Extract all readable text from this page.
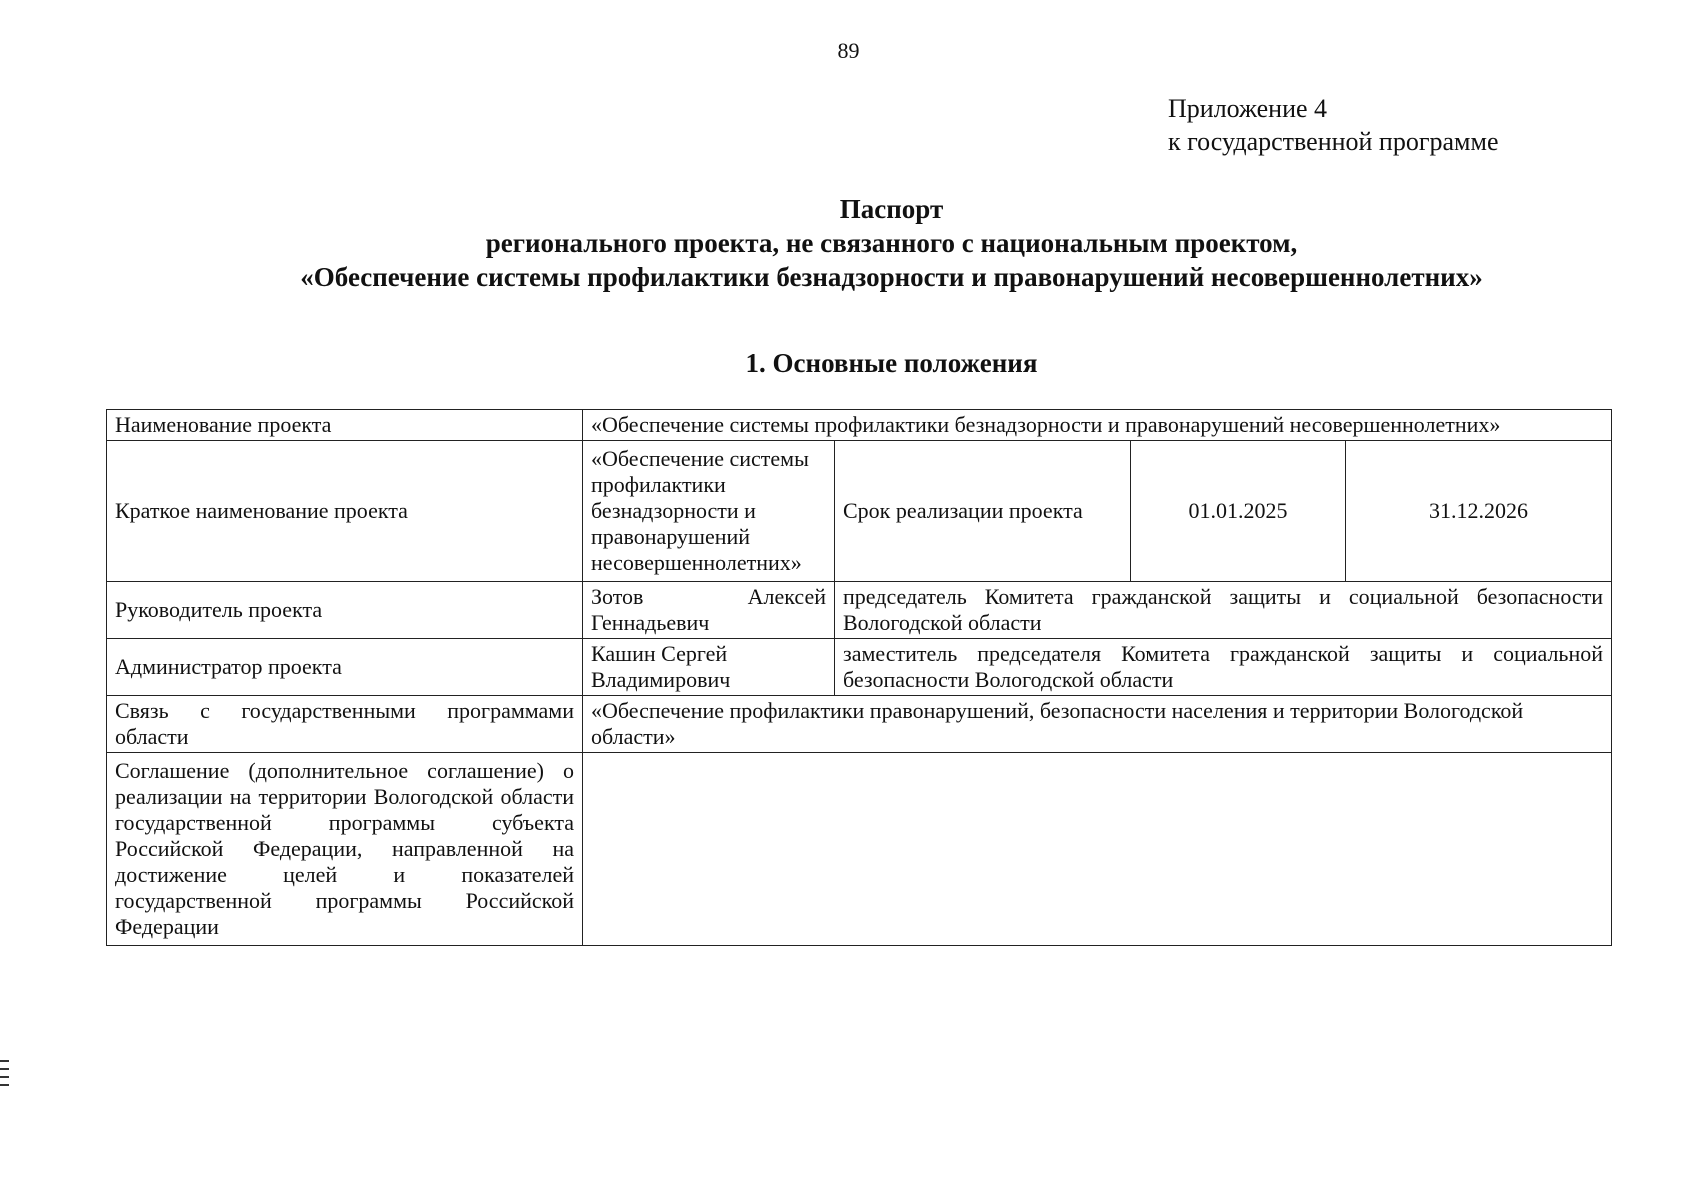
89
Приложение 4
к государственной программе
Паспорт
регионального проекта, не связанного с национальным проектом,
«Обеспечение системы профилактики безнадзорности и правонарушений несовершеннолетних»
1. Основные положения
Наименование проекта	«Обеспечение системы профилактики безнадзорности и правонарушений несовершеннолетних»			
Краткое наименование проекта	«Обеспечение системы профилактики безнадзорности и правонарушений несовершеннолетних»	Срок реализации проекта	01.01.2025	31.12.2026
Руководитель проекта	Зотов Алексей Геннадьевич	председатель Комитета гражданской защиты и социальной безопасности Вологодской области		
Администратор проекта	Кашин Сергей Владимирович	заместитель председателя Комитета гражданской защиты и социальной безопасности Вологодской области		
Связь с государственными программами области	«Обеспечение профилактики правонарушений, безопасности населения и территории Вологодской области»			
Соглашение (дополнительное соглашение) о реализации на территории Вологодской области государственной программы субъекта Российской Федерации, направленной на достижение целей и показателей государственной программы Российской Федерации				
